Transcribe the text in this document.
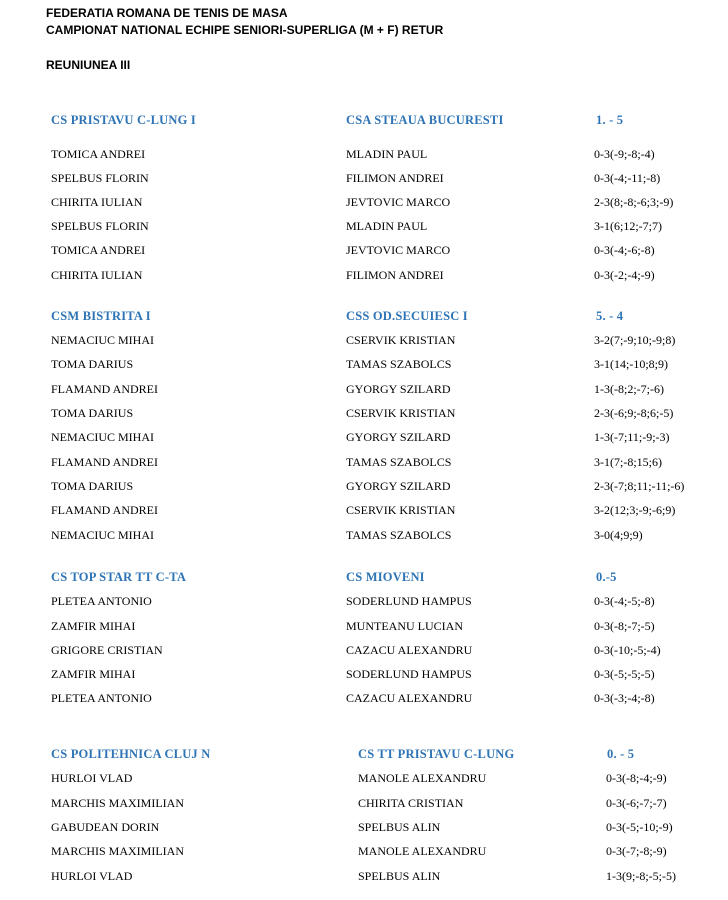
FEDERATIA ROMANA DE TENIS DE MASA
CAMPIONAT NATIONAL ECHIPE SENIORI-SUPERLIGA (M + F) RETUR
REUNIUNEA III
CS PRISTAVU C-LUNG I	CSA STEAUA BUCURESTI	1. - 5
TOMICA ANDREI	MLADIN PAUL	0-3(-9;-8;-4)
SPELBUS FLORIN	FILIMON ANDREI	0-3(-4;-11;-8)
CHIRITA IULIAN	JEVTOVIC MARCO	2-3(8;-8;-6;3;-9)
SPELBUS FLORIN	MLADIN PAUL	3-1(6;12;-7;7)
TOMICA ANDREI	JEVTOVIC MARCO	0-3(-4;-6;-8)
CHIRITA IULIAN	FILIMON ANDREI	0-3(-2;-4;-9)
CSM BISTRITA I	CSS OD.SECUIESC I	5. - 4
NEMACIUC MIHAI	CSERVIK KRISTIAN	3-2(7;-9;10;-9;8)
TOMA DARIUS	TAMAS SZABOLCS	3-1(14;-10;8;9)
FLAMAND ANDREI	GYORGY SZILARD	1-3(-8;2;-7;-6)
TOMA DARIUS	CSERVIK KRISTIAN	2-3(-6;9;-8;6;-5)
NEMACIUC MIHAI	GYORGY SZILARD	1-3(-7;11;-9;-3)
FLAMAND ANDREI	TAMAS SZABOLCS	3-1(7;-8;15;6)
TOMA DARIUS	GYORGY SZILARD	2-3(-7;8;11;-11;-6)
FLAMAND ANDREI	CSERVIK KRISTIAN	3-2(12;3;-9;-6;9)
NEMACIUC MIHAI	TAMAS SZABOLCS	3-0(4;9;9)
CS TOP STAR TT C-TA	CS MIOVENI	0.-5
PLETEA ANTONIO	SODERLUND HAMPUS	0-3(-4;-5;-8)
ZAMFIR MIHAI	MUNTEANU LUCIAN	0-3(-8;-7;-5)
GRIGORE CRISTIAN	CAZACU ALEXANDRU	0-3(-10;-5;-4)
ZAMFIR MIHAI	SODERLUND HAMPUS	0-3(-5;-5;-5)
PLETEA ANTONIO	CAZACU ALEXANDRU	0-3(-3;-4;-8)
CS POLITEHNICA CLUJ N	CS TT PRISTAVU C-LUNG	0. - 5
HURLOI VLAD	MANOLE ALEXANDRU	0-3(-8;-4;-9)
MARCHIS MAXIMILIAN	CHIRITA CRISTIAN	0-3(-6;-7;-7)
GABUDEAN DORIN	SPELBUS ALIN	0-3(-5;-10;-9)
MARCHIS MAXIMILIAN	MANOLE ALEXANDRU	0-3(-7;-8;-9)
HURLOI VLAD	SPELBUS ALIN	1-3(9;-8;-5;-5)
